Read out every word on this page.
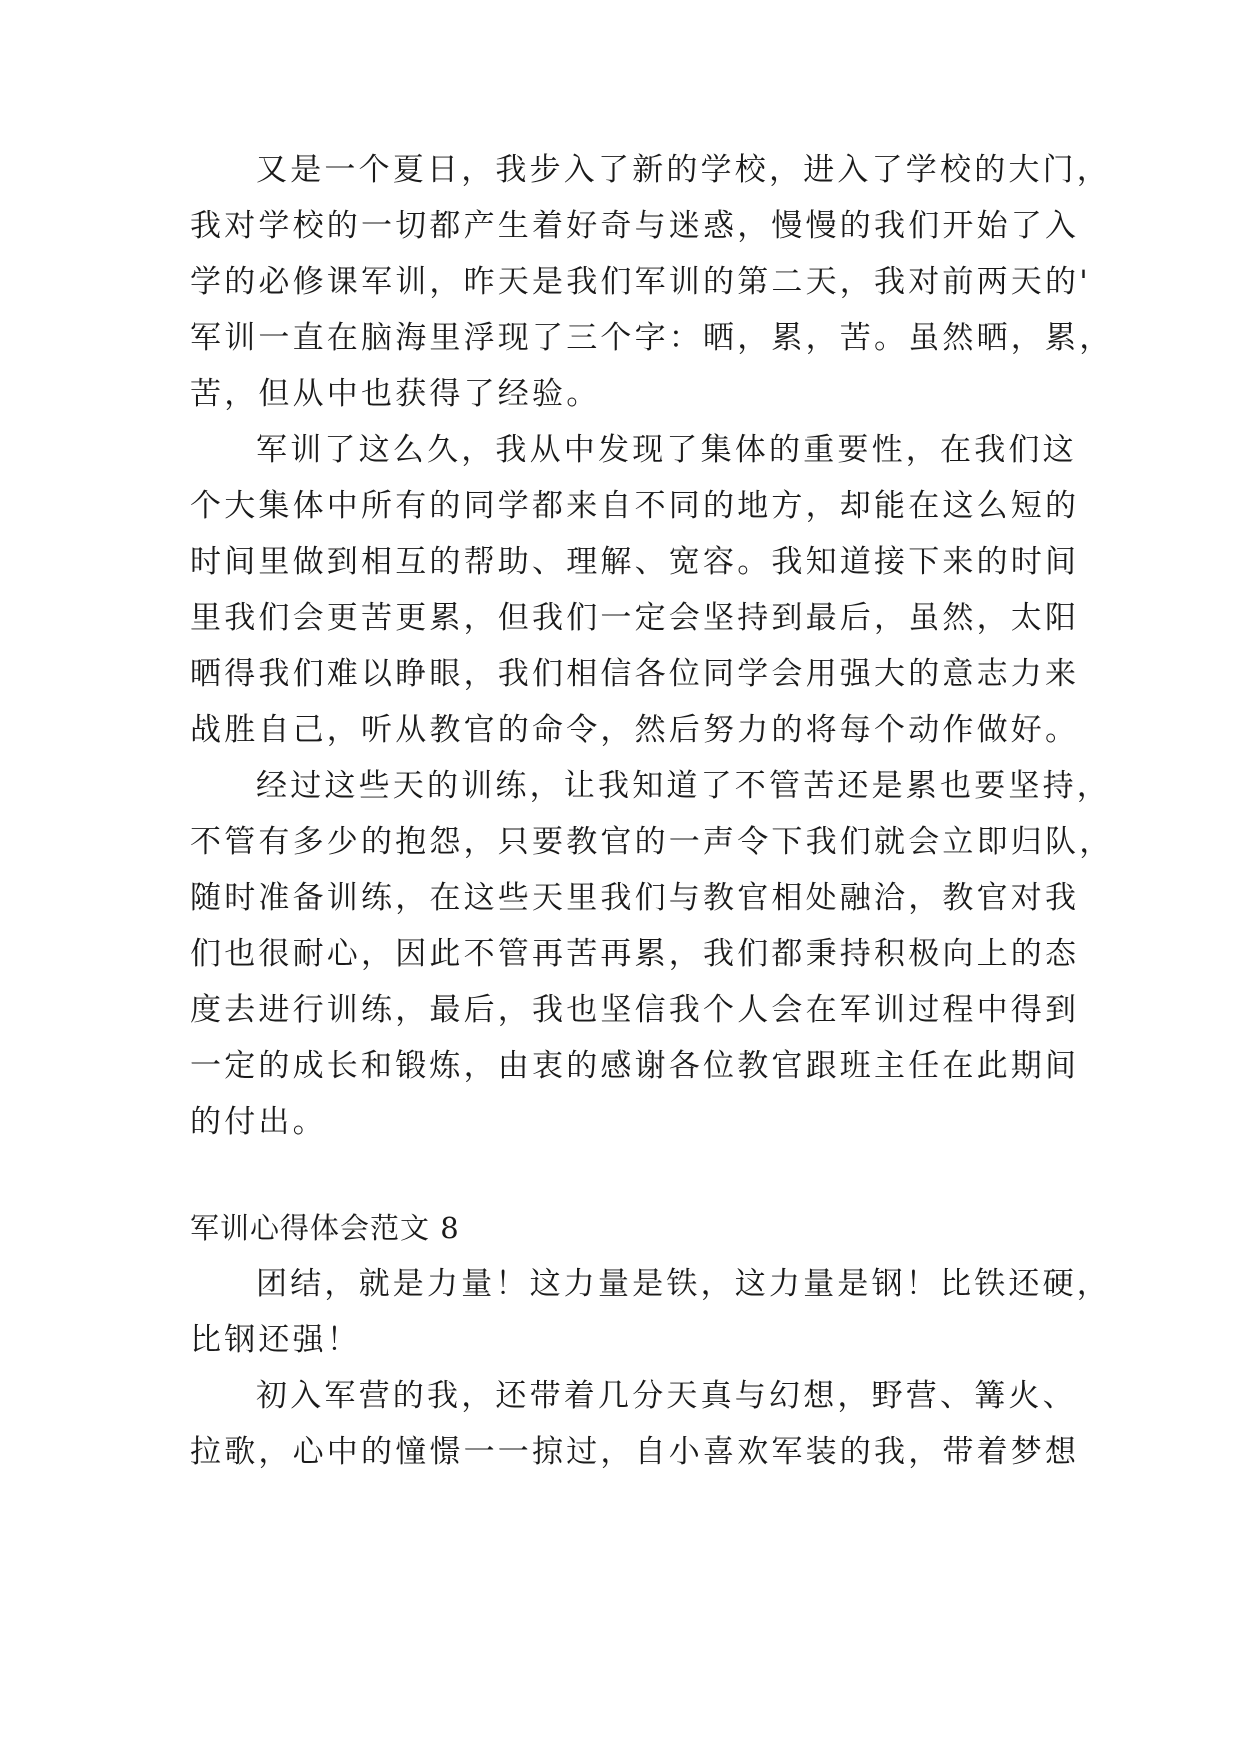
又是一个夏日，我步入了新的学校，进入了学校的大门，
我对学校的一切都产生着好奇与迷惑，慢慢的我们开始了入
学的必修课军训，昨天是我们军训的第二天，我对前两天的'
军训一直在脑海里浮现了三个字：晒，累，苦。虽然晒，累，
苦，但从中也获得了经验。
军训了这么久，我从中发现了集体的重要性，在我们这
个大集体中所有的同学都来自不同的地方，却能在这么短的
时间里做到相互的帮助、理解、宽容。我知道接下来的时间
里我们会更苦更累，但我们一定会坚持到最后，虽然，太阳
晒得我们难以睁眼，我们相信各位同学会用强大的意志力来
战胜自己，听从教官的命令，然后努力的将每个动作做好。
经过这些天的训练，让我知道了不管苦还是累也要坚持，
不管有多少的抱怨，只要教官的一声令下我们就会立即归队，
随时准备训练，在这些天里我们与教官相处融洽，教官对我
们也很耐心，因此不管再苦再累，我们都秉持积极向上的态
度去进行训练，最后，我也坚信我个人会在军训过程中得到
一定的成长和锻炼，由衷的感谢各位教官跟班主任在此期间
的付出。
军训心得体会范文 8
团结，就是力量！这力量是铁，这力量是钢！比铁还硬，
比钢还强！
初入军营的我，还带着几分天真与幻想，野营、篝火、
拉歌，心中的憧憬一一掠过，自小喜欢军装的我，带着梦想
